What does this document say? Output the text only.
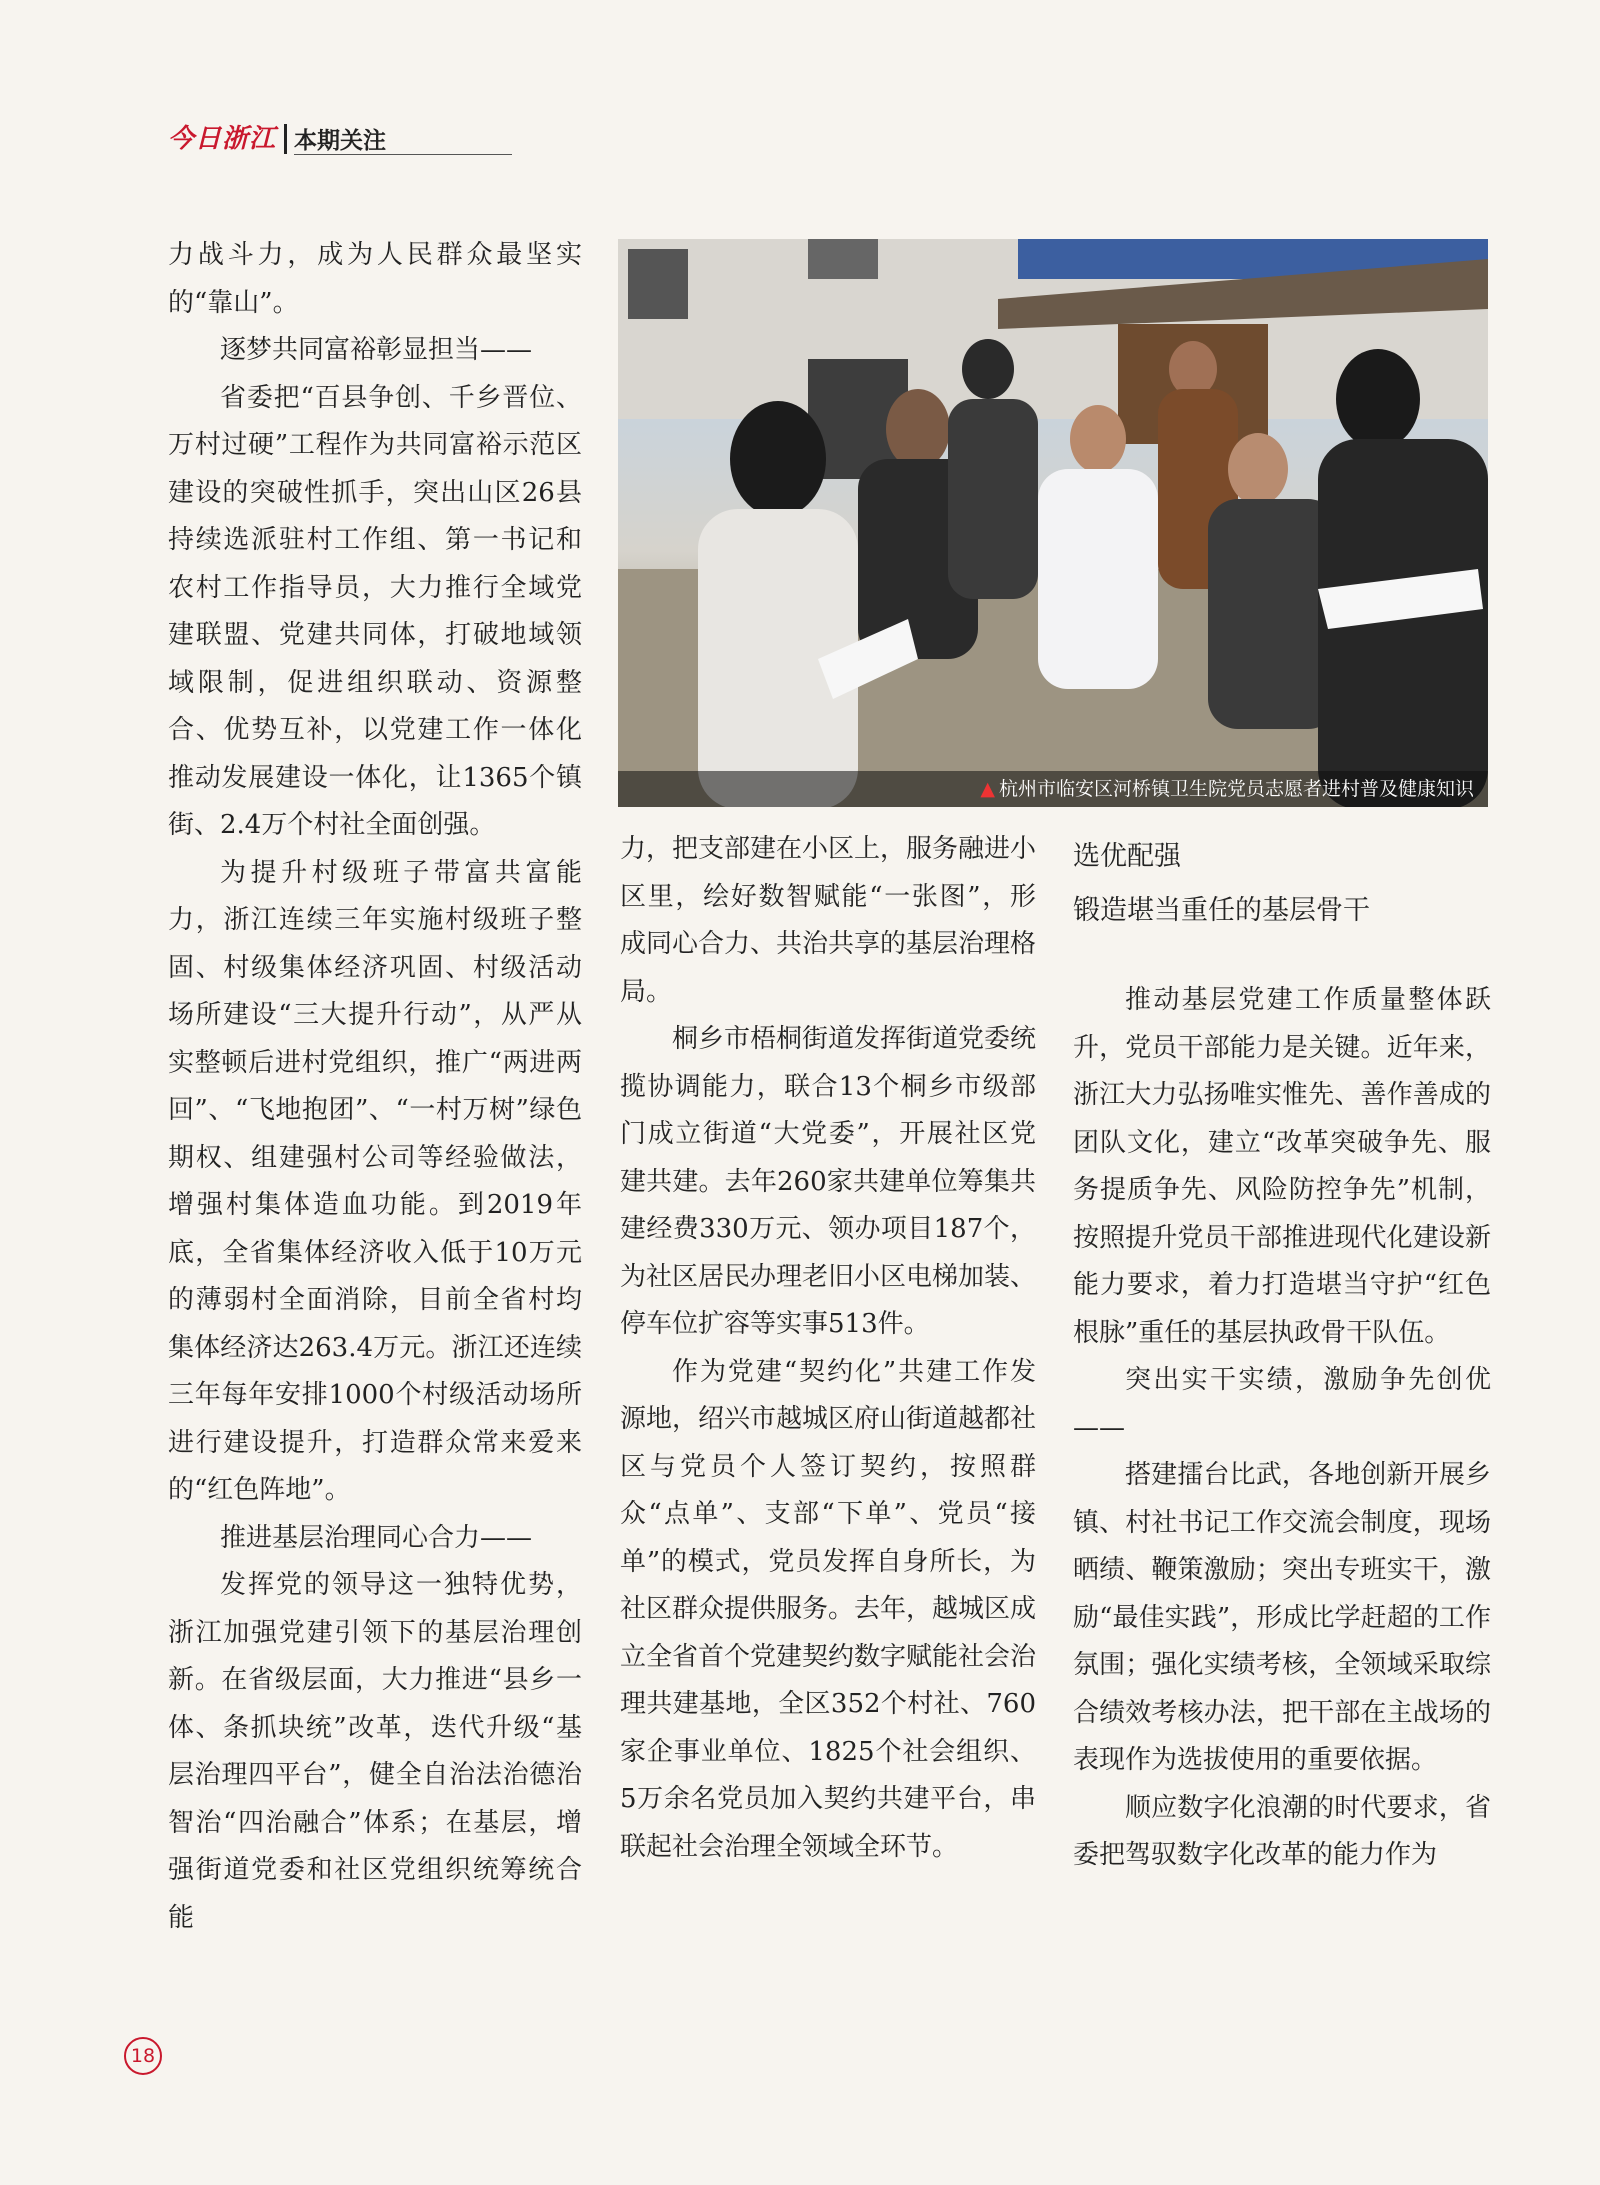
今日浙江 本期关注

力战斗力，成为人民群众最坚实的“靠山”。

逐梦共同富裕彰显担当——

省委把“百县争创、千乡晋位、万村过硬”工程作为共同富裕示范区建设的突破性抓手，突出山区26县持续选派驻村工作组、第一书记和农村工作指导员，大力推行全域党建联盟、党建共同体，打破地域领域限制，促进组织联动、资源整合、优势互补，以党建工作一体化推动发展建设一体化，让1365个镇街、2.4万个村社全面创强。

为提升村级班子带富共富能力，浙江连续三年实施村级班子整固、村级集体经济巩固、村级活动场所建设“三大提升行动”，从严从实整顿后进村党组织，推广“两进两回”、“飞地抱团”、“一村万树”绿色期权、组建强村公司等经验做法，增强村集体造血功能。到2019年底，全省集体经济收入低于10万元的薄弱村全面消除，目前全省村均集体经济达263.4万元。浙江还连续三年每年安排1000个村级活动场所进行建设提升，打造群众常来爱来的“红色阵地”。

推进基层治理同心合力——

发挥党的领导这一独特优势，浙江加强党建引领下的基层治理创新。在省级层面，大力推进“县乡一体、条抓块统”改革，迭代升级“基层治理四平台”，健全自治法治德治智治“四治融合”体系；在基层，增强街道党委和社区党组织统筹统合能

▲ 杭州市临安区河桥镇卫生院党员志愿者进村普及健康知识

力，把支部建在小区上，服务融进小区里，绘好数智赋能“一张图”，形成同心合力、共治共享的基层治理格局。

桐乡市梧桐街道发挥街道党委统揽协调能力，联合13个桐乡市级部门成立街道“大党委”，开展社区党建共建。去年260家共建单位筹集共建经费330万元、领办项目187个，为社区居民办理老旧小区电梯加装、停车位扩容等实事513件。

作为党建“契约化”共建工作发源地，绍兴市越城区府山街道越都社区与党员个人签订契约，按照群众“点单”、支部“下单”、党员“接单”的模式，党员发挥自身所长，为社区群众提供服务。去年，越城区成立全省首个党建契约数字赋能社会治理共建基地，全区352个村社、760家企事业单位、1825个社会组织、5万余名党员加入契约共建平台，串联起社会治理全领域全环节。

选优配强
锻造堪当重任的基层骨干

推动基层党建工作质量整体跃升，党员干部能力是关键。近年来，浙江大力弘扬唯实惟先、善作善成的团队文化，建立“改革突破争先、服务提质争先、风险防控争先”机制，按照提升党员干部推进现代化建设新能力要求，着力打造堪当守护“红色根脉”重任的基层执政骨干队伍。

突出实干实绩，激励争先创优——

搭建擂台比武，各地创新开展乡镇、村社书记工作交流会制度，现场晒绩、鞭策激励；突出专班实干，激励“最佳实践”，形成比学赶超的工作氛围；强化实绩考核，全领域采取综合绩效考核办法，把干部在主战场的表现作为选拔使用的重要依据。

顺应数字化浪潮的时代要求，省委把驾驭数字化改革的能力作为

18
